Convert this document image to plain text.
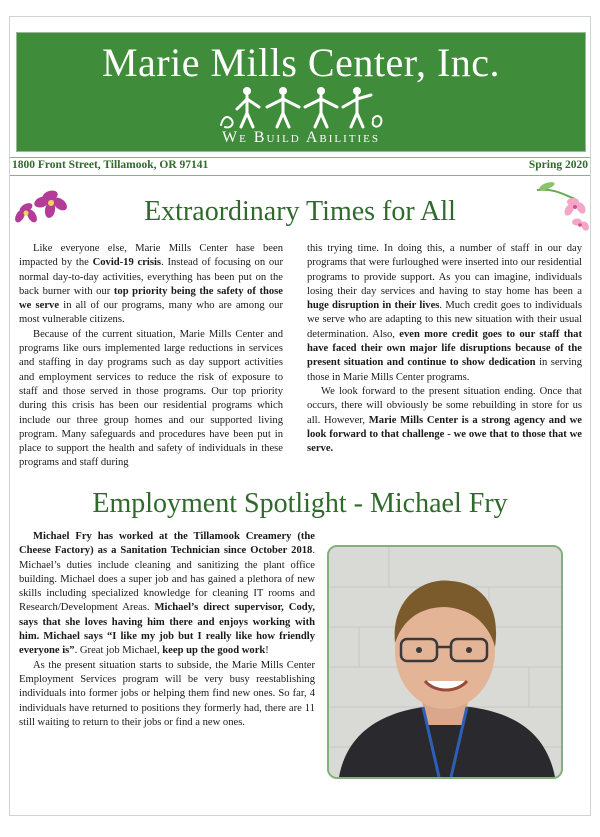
Marie Mills Center, Inc.
We Build Abilities
1800 Front Street, Tillamook, OR 97141	Spring 2020
Extraordinary Times for All

Like everyone else, Marie Mills Center hase been impacted by the Covid-19 crisis. Instead of focusing on our normal day-to-day activities, everything has been put on the back burner with our top priority being the safety of those we serve in all of our programs, many who are among our most vulnerable citizens.

Because of the current situation, Marie Mills Center and programs like ours implemented large reductions in services and staffing in day programs such as day support activities and employment services to reduce the risk of exposure to staff and those served in those programs. Our top priority during this crisis has been our residential programs which include our three group homes and our supported living program. Many safeguards and procedures have been put in place to support the health and safety of individuals in these programs and staff during

this trying time. In doing this, a number of staff in our day programs that were furloughed were inserted into our residential programs to provide support. As you can imagine, individuals losing their day services and having to stay home has been a huge disruption in their lives. Much credit goes to individuals we serve who are adapting to this new situation with their usual determination. Also, even more credit goes to our staff that have faced their own major life disruptions because of the present situation and continue to show dedication in serving those in Marie Mills Center programs.

We look forward to the present situation ending. Once that occurs, there will obviously be some rebuilding in store for us all. However, Marie Mills Center is a strong agency and we look forward to that challenge - we owe that to those that we serve.

Employment Spotlight - Michael Fry

Michael Fry has worked at the Tillamook Creamery (the Cheese Factory) as a Sanitation Technician since October 2018. Michael’s duties include cleaning and sanitizing the plant office building. Michael does a super job and has gained a plethora of new skills including specialized knowledge for cleaning IT rooms and Research/Development Areas. Michael’s direct supervisor, Cody, says that she loves having him there and enjoys working with him. Michael says “I like my job but I really like how friendly everyone is”. Great job Michael, keep up the good work!

As the present situation starts to subside, the Marie Mills Center Employment Services program will be very busy reestablishing individuals into former jobs or helping them find new ones. So far, 4 individuals have returned to positions they formerly had, there are 11 still waiting to return to their jobs or find a new ones.
